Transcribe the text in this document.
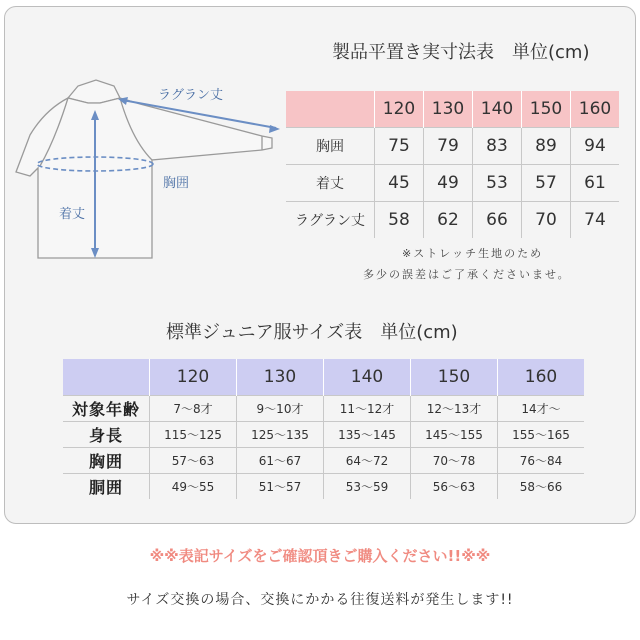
ラグラン丈
胸囲
着丈
製品平置き実寸法表　単位(cm)
	120	130	140	150	160
胸囲	75	79	83	89	94
着丈	45	49	53	57	61
ラグラン丈	58	62	66	70	74
※ストレッチ生地のため
多少の誤差はご了承くださいませ。
標準ジュニア服サイズ表　単位(cm)
	120	130	140	150	160
対象年齢	7～8才	9～10才	11～12才	12～13才	14才～
身長	115～125	125～135	135～145	145～155	155～165
胸囲	57～63	61～67	64～72	70～78	76～84
胴囲	49～55	51～57	53～59	56～63	58～66
※※表記サイズをご確認頂きご購入ください!!※※
サイズ交換の場合、交換にかかる往復送料が発生します!!
